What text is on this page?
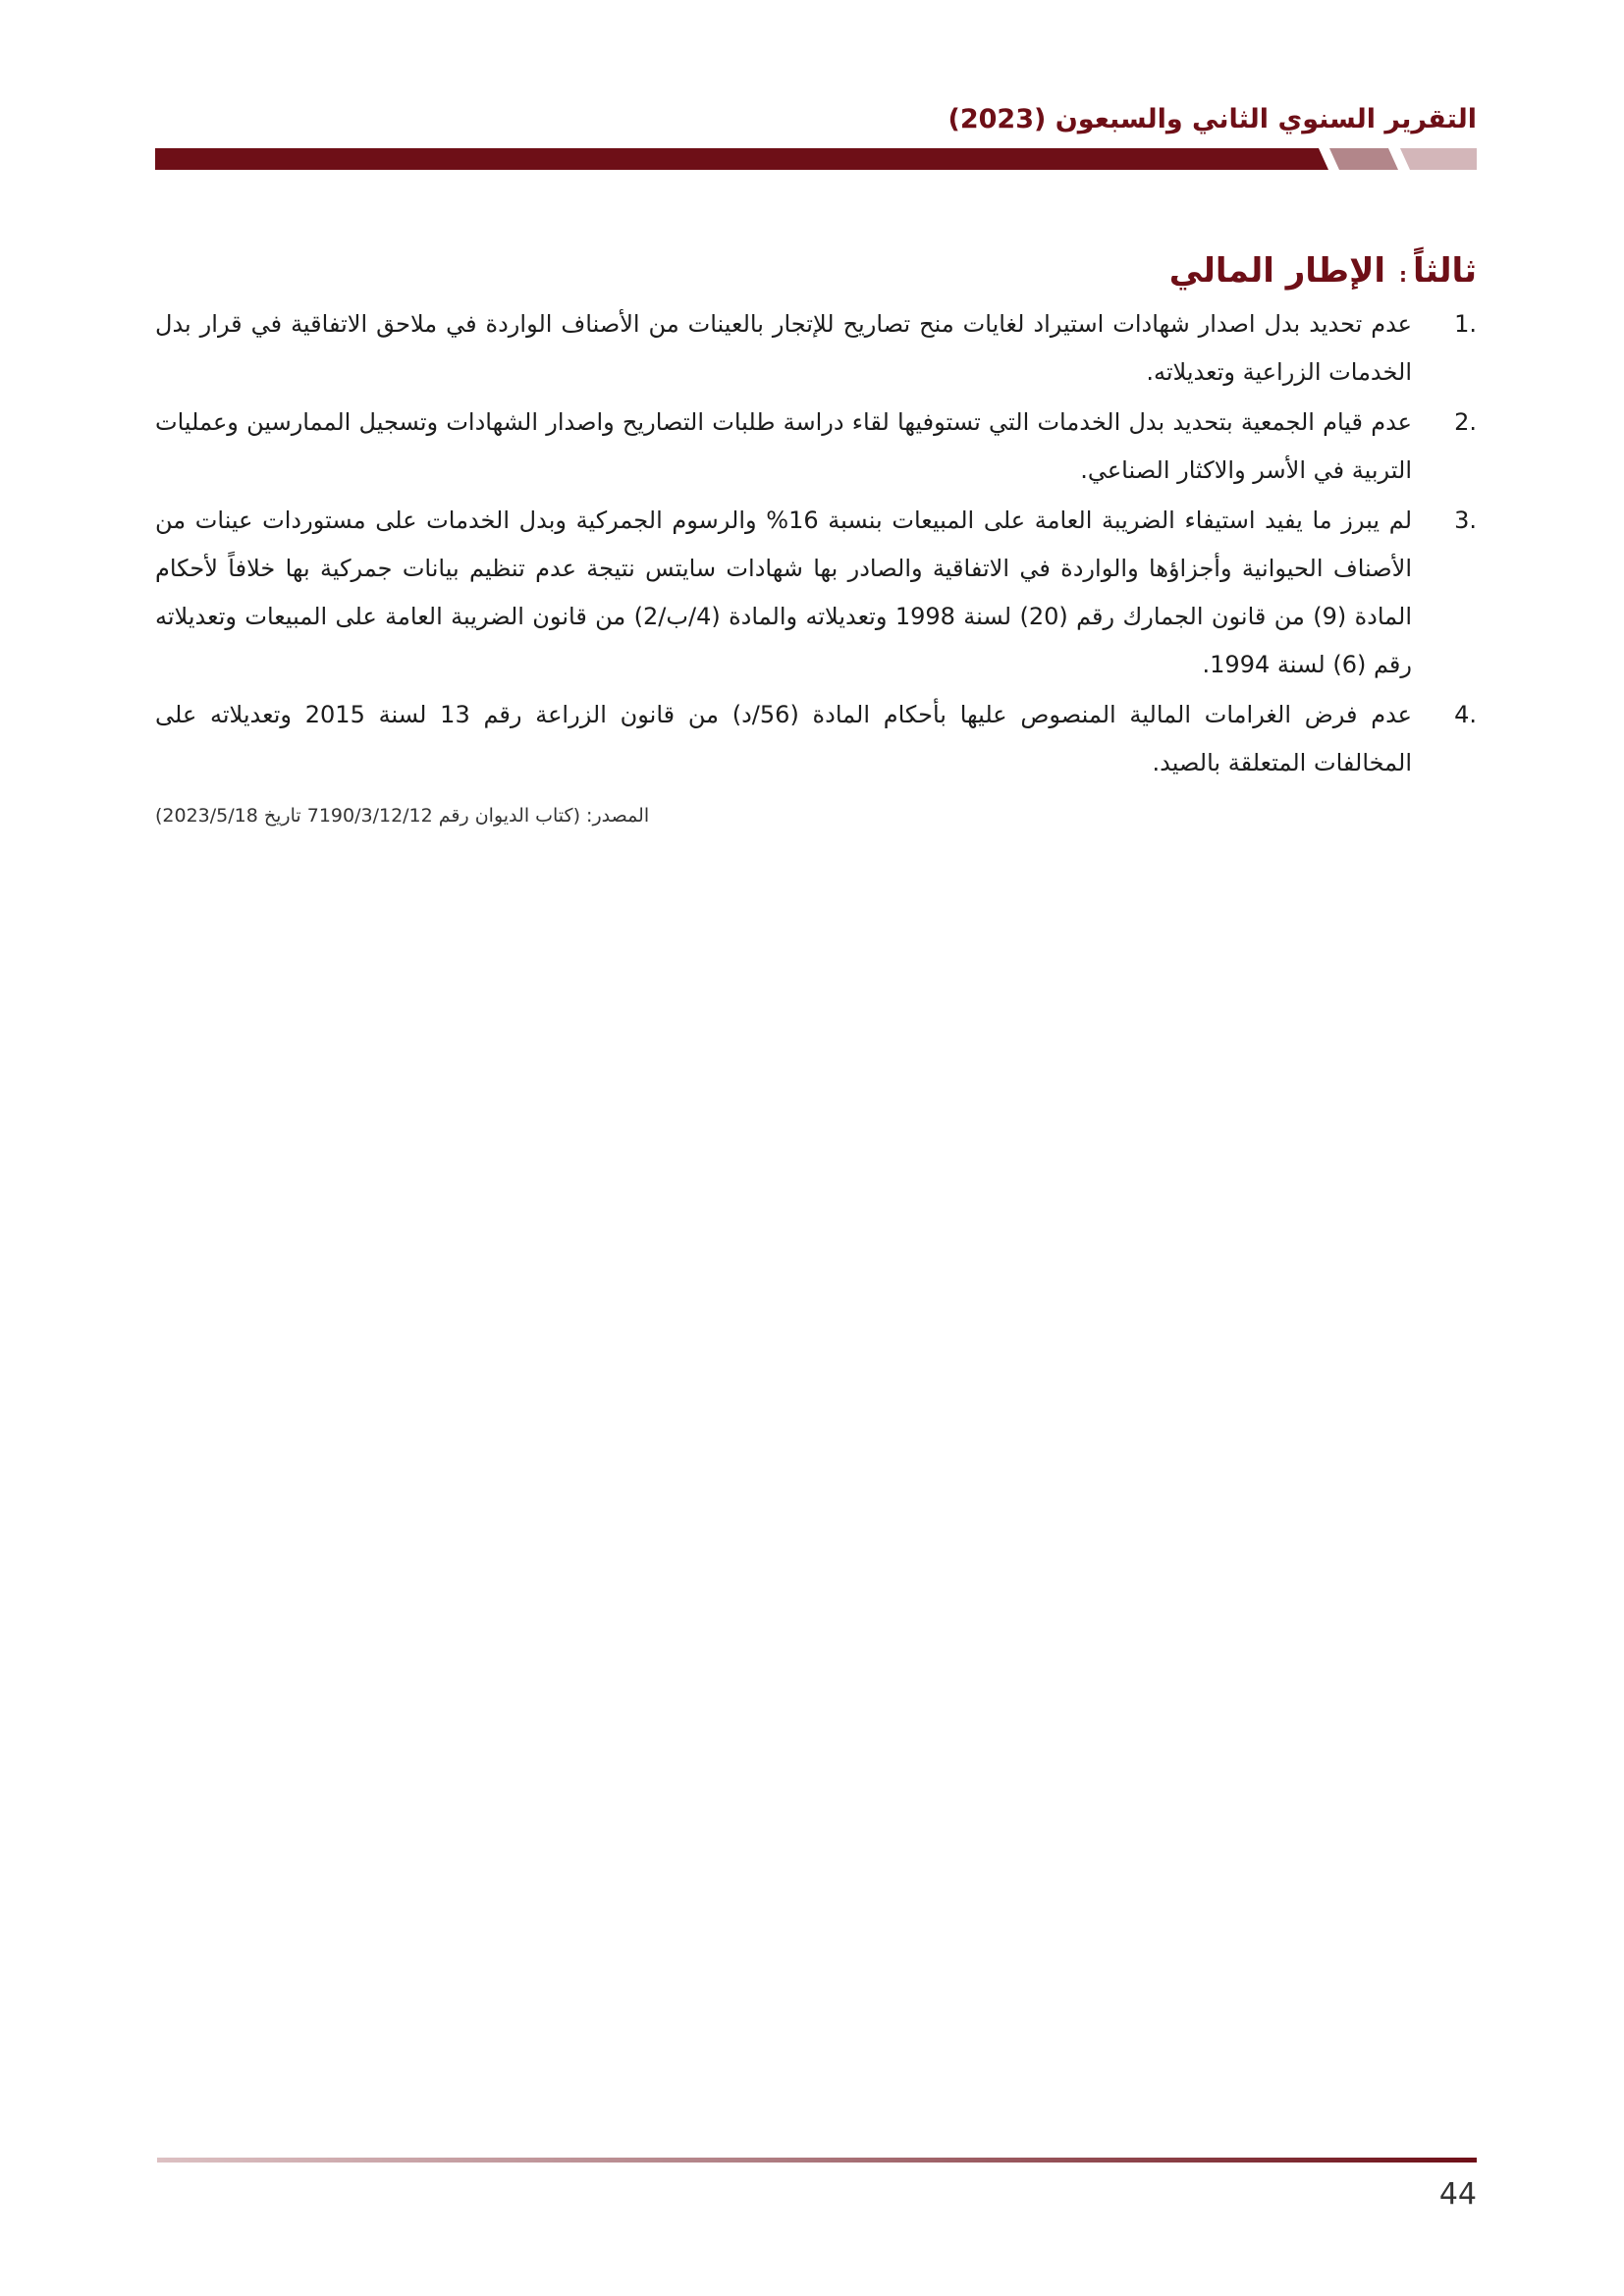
التقرير السنوي الثاني والسبعون (2023)
ثالثاً:الإطار المالي
1.
عدم تحديد بدل اصدار شهادات استيراد لغايات منح تصاريح للإتجار بالعينات من الأصناف الواردة في ملاحق الاتفاقية في قرار بدل الخدمات الزراعية وتعديلاته.
2.
عدم قيام الجمعية بتحديد بدل الخدمات التي تستوفيها لقاء دراسة طلبات التصاريح واصدار الشهادات وتسجيل الممارسين وعمليات التربية في الأسر والاكثار الصناعي.
3.
لم يبرز ما يفيد استيفاء الضريبة العامة على المبيعات بنسبة 16% والرسوم الجمركية وبدل الخدمات على مستوردات عينات من الأصناف الحيوانية وأجزاؤها والواردة في الاتفاقية والصادر بها شهادات سايتس نتيجة عدم تنظيم بيانات جمركية بها خلافاً لأحكام المادة (9) من قانون الجمارك رقم (20) لسنة 1998 وتعديلاته والمادة (4/ب/2) من قانون الضريبة العامة على المبيعات وتعديلاته رقم (6) لسنة 1994.
4.
عدم فرض الغرامات المالية المنصوص عليها بأحكام المادة (56/د) من قانون الزراعة رقم 13 لسنة 2015 وتعديلاته على المخالفات المتعلقة بالصيد.
المصدر: (كتاب الديوان رقم 7190/3/12/12 تاريخ 2023/5/18)
44
